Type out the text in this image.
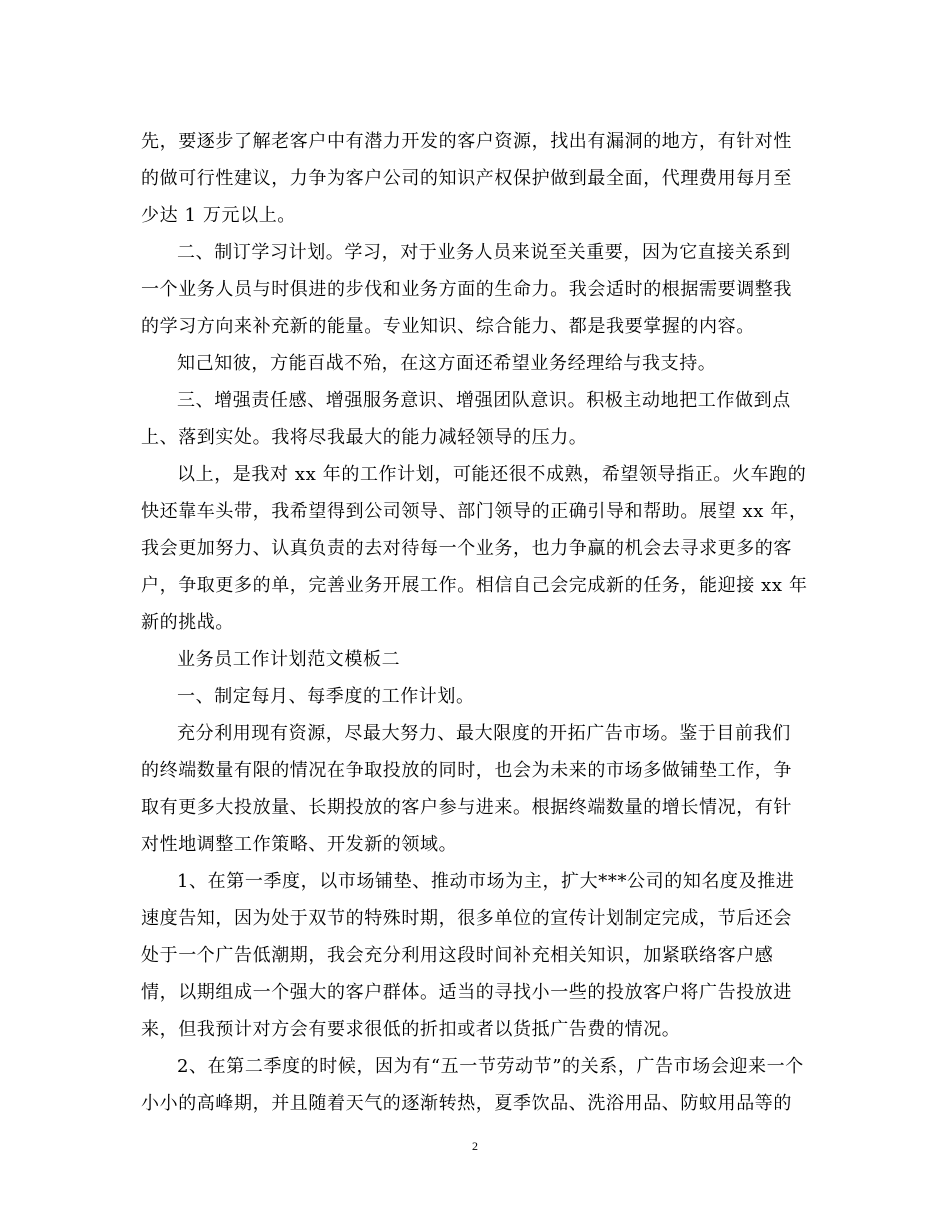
先，要逐步了解老客户中有潜力开发的客户资源，找出有漏洞的地方，有针对性
的做可行性建议，力争为客户公司的知识产权保护做到最全面，代理费用每月至
少达 1 万元以上。
二、制订学习计划。学习，对于业务人员来说至关重要，因为它直接关系到
一个业务人员与时俱进的步伐和业务方面的生命力。我会适时的根据需要调整我
的学习方向来补充新的能量。专业知识、综合能力、都是我要掌握的内容。
知己知彼，方能百战不殆，在这方面还希望业务经理给与我支持。
三、增强责任感、增强服务意识、增强团队意识。积极主动地把工作做到点
上、落到实处。我将尽我最大的能力减轻领导的压力。
以上，是我对 xx 年的工作计划，可能还很不成熟，希望领导指正。火车跑的
快还靠车头带，我希望得到公司领导、部门领导的正确引导和帮助。展望 xx 年，
我会更加努力、认真负责的去对待每一个业务，也力争赢的机会去寻求更多的客
户，争取更多的单，完善业务开展工作。相信自己会完成新的任务，能迎接 xx 年
新的挑战。
业务员工作计划范文模板二
一、制定每月、每季度的工作计划。
充分利用现有资源，尽最大努力、最大限度的开拓广告市场。鉴于目前我们
的终端数量有限的情况在争取投放的同时，也会为未来的市场多做铺垫工作，争
取有更多大投放量、长期投放的客户参与进来。根据终端数量的增长情况，有针
对性地调整工作策略、开发新的领域。
1、在第一季度，以市场铺垫、推动市场为主，扩大***公司的知名度及推进
速度告知，因为处于双节的特殊时期，很多单位的宣传计划制定完成，节后还会
处于一个广告低潮期，我会充分利用这段时间补充相关知识，加紧联络客户感
情，以期组成一个强大的客户群体。适当的寻找小一些的投放客户将广告投放进
来，但我预计对方会有要求很低的折扣或者以货抵广告费的情况。
2、在第二季度的时候，因为有“五一节劳动节”的关系，广告市场会迎来一个
小小的高峰期，并且随着天气的逐渐转热，夏季饮品、洗浴用品、防蚊用品等的
2
